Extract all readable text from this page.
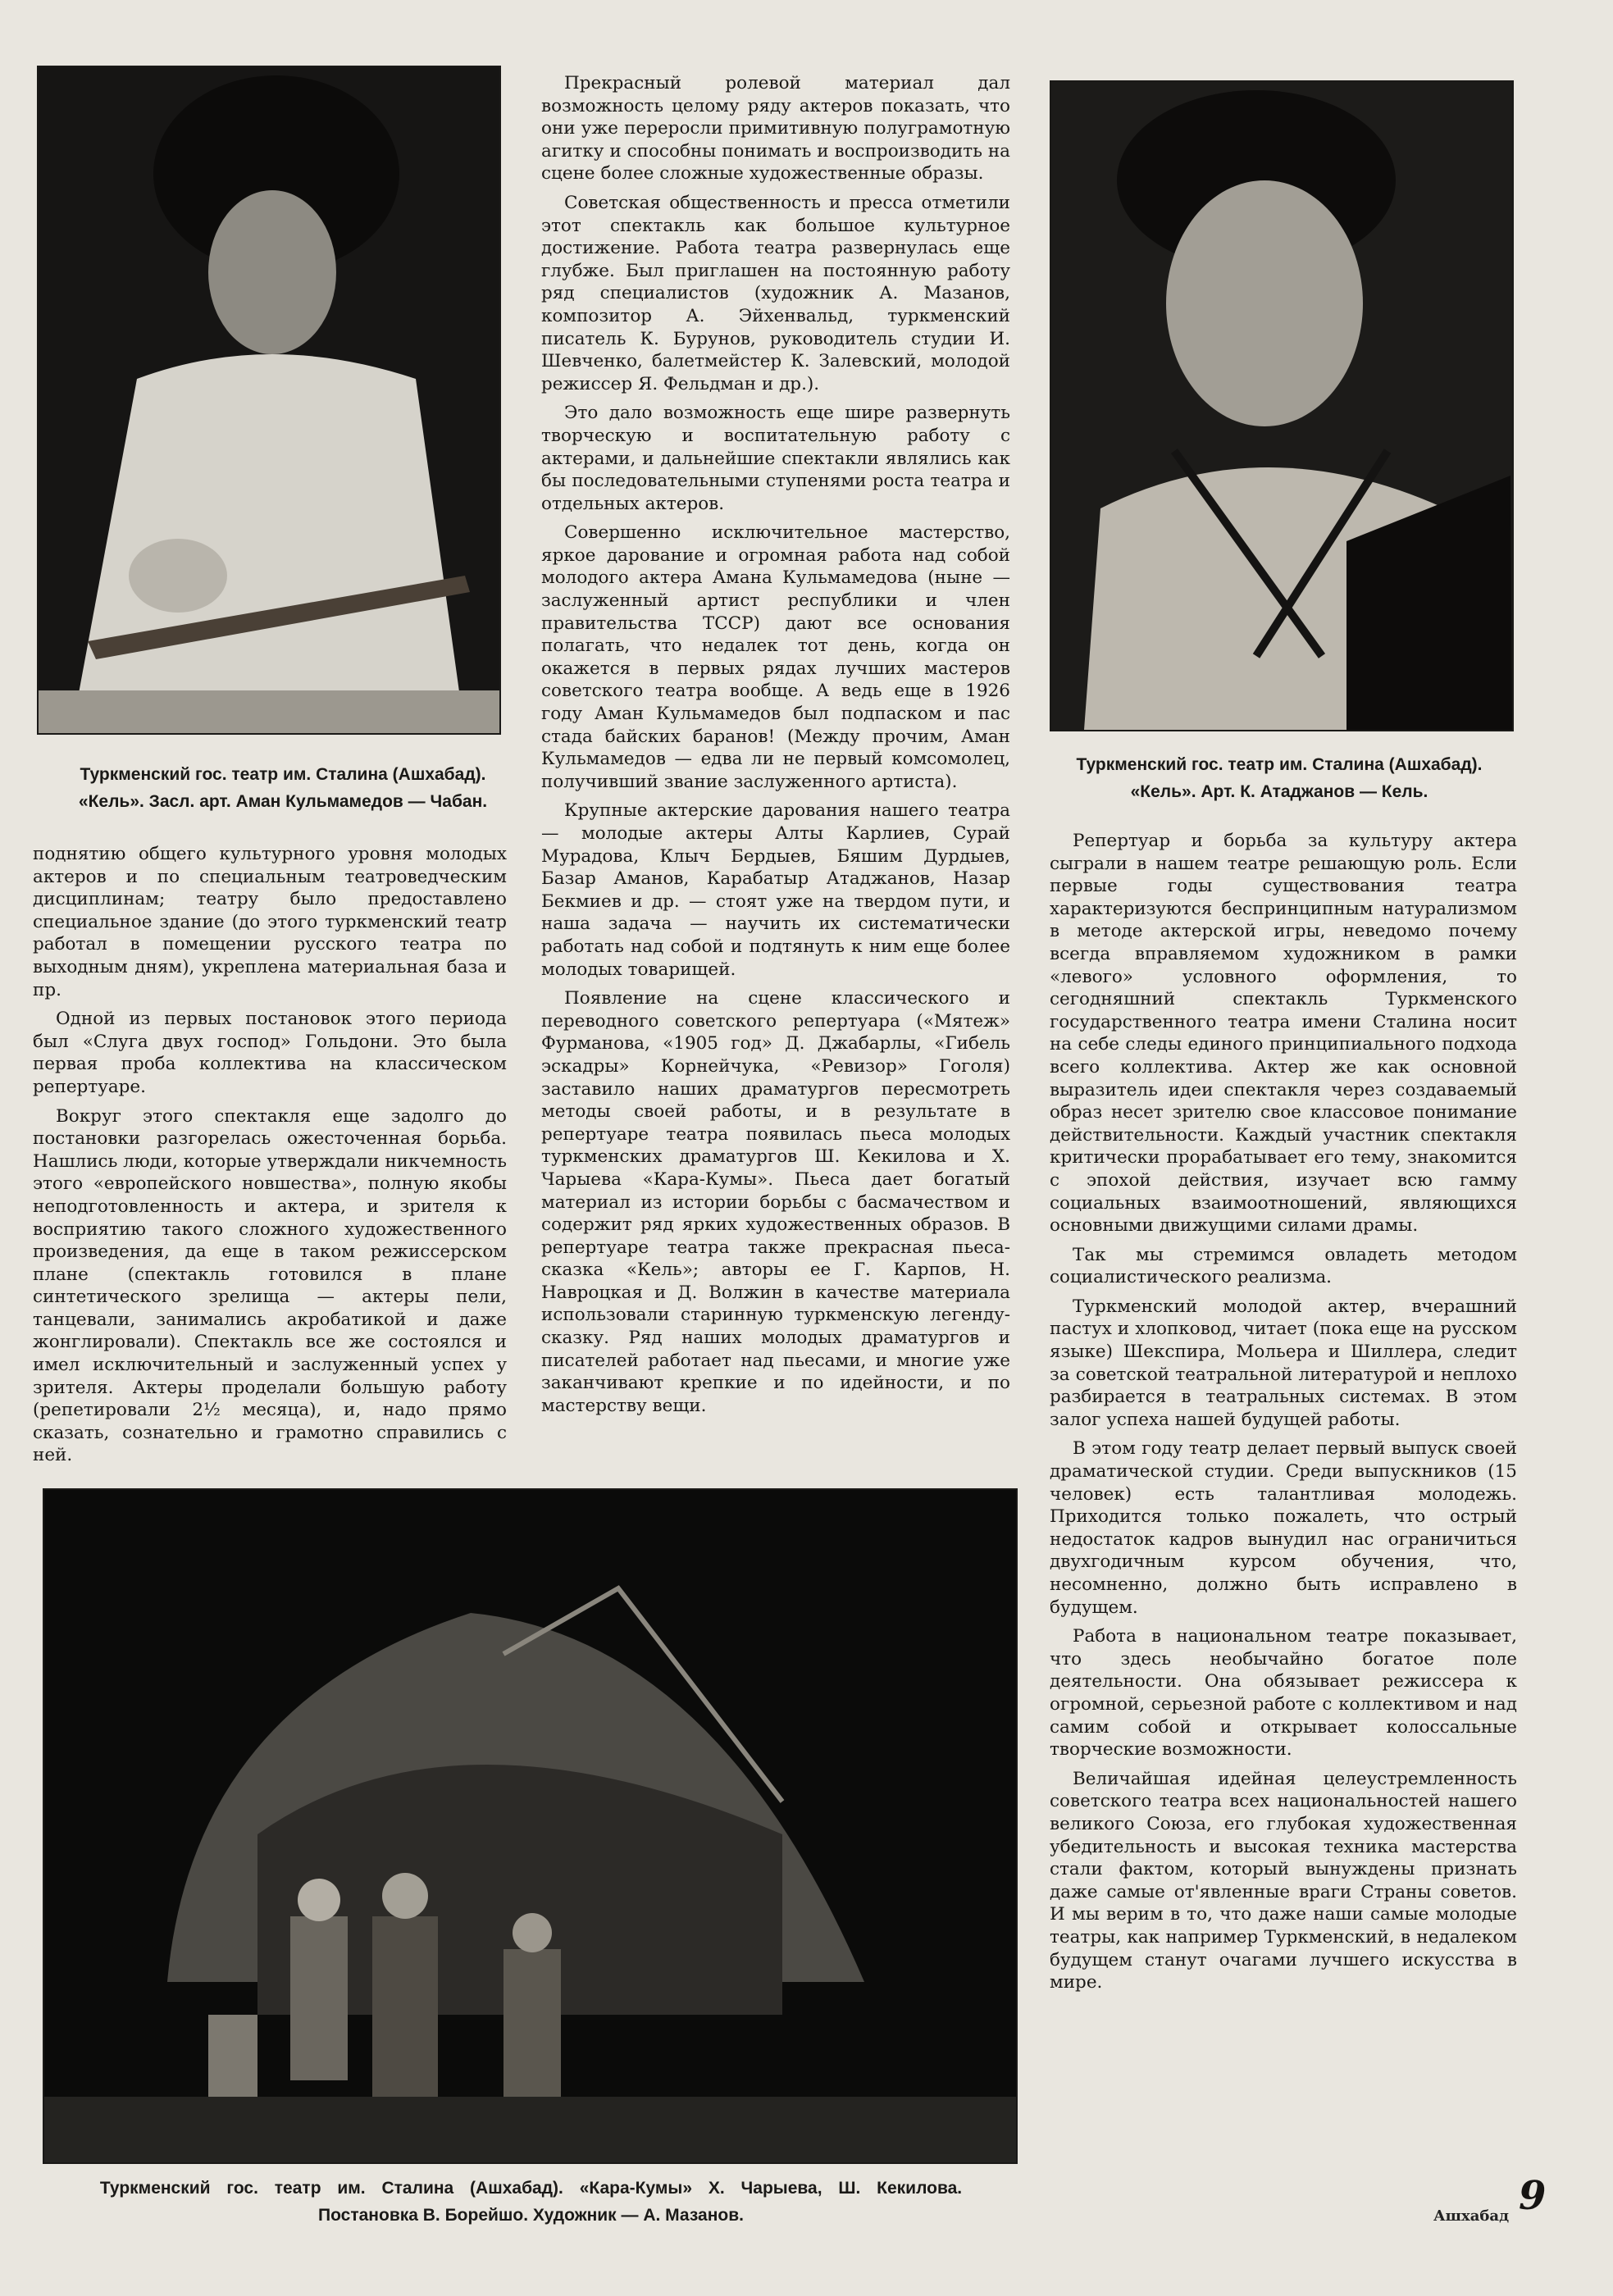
Туркменский гос. театр им. Сталина (Ашхабад).
«Кель». Засл. арт. Аман Кульмамедов — Чабан.
Туркменский гос. театр им. Сталина (Ашхабад).
«Кель». Арт. К. Атаджанов — Кель.

поднятию общего культурного уровня молодых актеров и по специальным театроведческим дисциплинам; театру было предоставлено специальное здание (до этого туркменский театр работал в помещении русского театра по выходным дням), укреплена материальная база и пр.

Одной из первых постановок этого периода был «Слуга двух господ» Гольдони. Это была первая проба коллектива на классическом репертуаре.

Вокруг этого спектакля еще задолго до постановки разгорелась ожесточенная борьба. Нашлись люди, которые утверждали никчемность этого «европейского новшества», полную якобы неподготовленность и актера, и зрителя к восприятию такого сложного художественного произведения, да еще в таком режиссерском плане (спектакль готовился в плане синтетического зрелища — актеры пели, танцевали, занимались акробатикой и даже жонглировали). Спектакль все же состоялся и имел исключительный и заслуженный успех у зрителя. Актеры проделали большую работу (репетировали 2½ месяца), и, надо прямо сказать, сознательно и грамотно справились с ней.

Прекрасный ролевой материал дал возможность целому ряду актеров показать, что они уже переросли примитивную полуграмотную агитку и способны понимать и воспроизводить на сцене более сложные художественные образы.

Советская общественность и пресса отметили этот спектакль как большое культурное достижение. Работа театра развернулась еще глубже. Был приглашен на постоянную работу ряд специалистов (художник А. Мазанов, композитор А. Эйхенвальд, туркменский писатель К. Бурунов, руководитель студии И. Шевченко, балетмейстер К. Залевский, молодой режиссер Я. Фельдман и др.).

Это дало возможность еще шире развернуть творческую и воспитательную работу с актерами, и дальнейшие спектакли являлись как бы последовательными ступенями роста театра и отдельных актеров.

Совершенно исключительное мастерство, яркое дарование и огромная работа над собой молодого актера Амана Кульмамедова (ныне — заслуженный артист республики и член правительства ТССР) дают все основания полагать, что недалек тот день, когда он окажется в первых рядах лучших мастеров советского театра вообще. А ведь еще в 1926 году Аман Кульмамедов был подпаском и пас стада байских баранов! (Между прочим, Аман Кульмамедов — едва ли не первый комсомолец, получивший звание заслуженного артиста).

Крупные актерские дарования нашего театра — молодые актеры Алты Карлиев, Сурай Мурадова, Клыч Бердыев, Бяшим Дурдыев, Базар Аманов, Карабатыр Атаджанов, Назар Бекмиев и др. — стоят уже на твердом пути, и наша задача — научить их систематически работать над собой и подтянуть к ним еще более молодых товарищей.

Появление на сцене классического и переводного советского репертуара («Мятеж» Фурманова, «1905 год» Д. Джабарлы, «Гибель эскадры» Корнейчука, «Ревизор» Гоголя) заставило наших драматургов пересмотреть методы своей работы, и в результате в репертуаре театра появилась пьеса молодых туркменских драматургов Ш. Кекилова и Х. Чарыева «Кара-Кумы». Пьеса дает богатый материал из истории борьбы с басмачеством и содержит ряд ярких художественных образов. В репертуаре театра также прекрасная пьеса-сказка «Кель»; авторы ее Г. Карпов, Н. Навроцкая и Д. Волжин в качестве материала использовали старинную туркменскую легенду-сказку. Ряд наших молодых драматургов и писателей работает над пьесами, и многие уже заканчивают крепкие и по идейности, и по мастерству вещи.

Репертуар и борьба за культуру актера сыграли в нашем театре решающую роль. Если первые годы существования театра характеризуются беспринципным натурализмом в методе актерской игры, неведомо почему всегда вправляемом художником в рамки «левого» условного оформления, то сегодняшний спектакль Туркменского государственного театра имени Сталина носит на себе следы единого принципиального подхода всего коллектива. Актер же как основной выразитель идеи спектакля через создаваемый образ несет зрителю свое классовое понимание действительности. Каждый участник спектакля критически прорабатывает его тему, знакомится с эпохой действия, изучает всю гамму социальных взаимоотношений, являющихся основными движущими силами драмы.

Так мы стремимся овладеть методом социалистического реализма.

Туркменский молодой актер, вчерашний пастух и хлопковод, читает (пока еще на русском языке) Шекспира, Мольера и Шиллера, следит за советской театральной литературой и неплохо разбирается в театральных системах. В этом залог успеха нашей будущей работы.

В этом году театр делает первый выпуск своей драматической студии. Среди выпускников (15 человек) есть талантливая молодежь. Приходится только пожалеть, что острый недостаток кадров вынудил нас ограничиться двухгодичным курсом обучения, что, несомненно, должно быть исправлено в будущем.

Работа в национальном театре показывает, что здесь необычайно богатое поле деятельности. Она обязывает режиссера к огромной, серьезной работе с коллективом и над самим собой и открывает колоссальные творческие возможности.

Величайшая идейная целеустремленность советского театра всех национальностей нашего великого Союза, его глубокая художественная убедительность и высокая техника мастерства стали фактом, который вынуждены признать даже самые от'явленные враги Страны советов. И мы верим в то, что даже наши самые молодые театры, как например Туркменский, в недалеком будущем станут очагами лучшего искусства в мире.

Туркменский гос. театр им. Сталина (Ашхабад). «Кара-Кумы» Х. Чарыева, Ш. Кекилова.
Постановка В. Борейшо. Художник — А. Мазанов.	Ашхабад 9
